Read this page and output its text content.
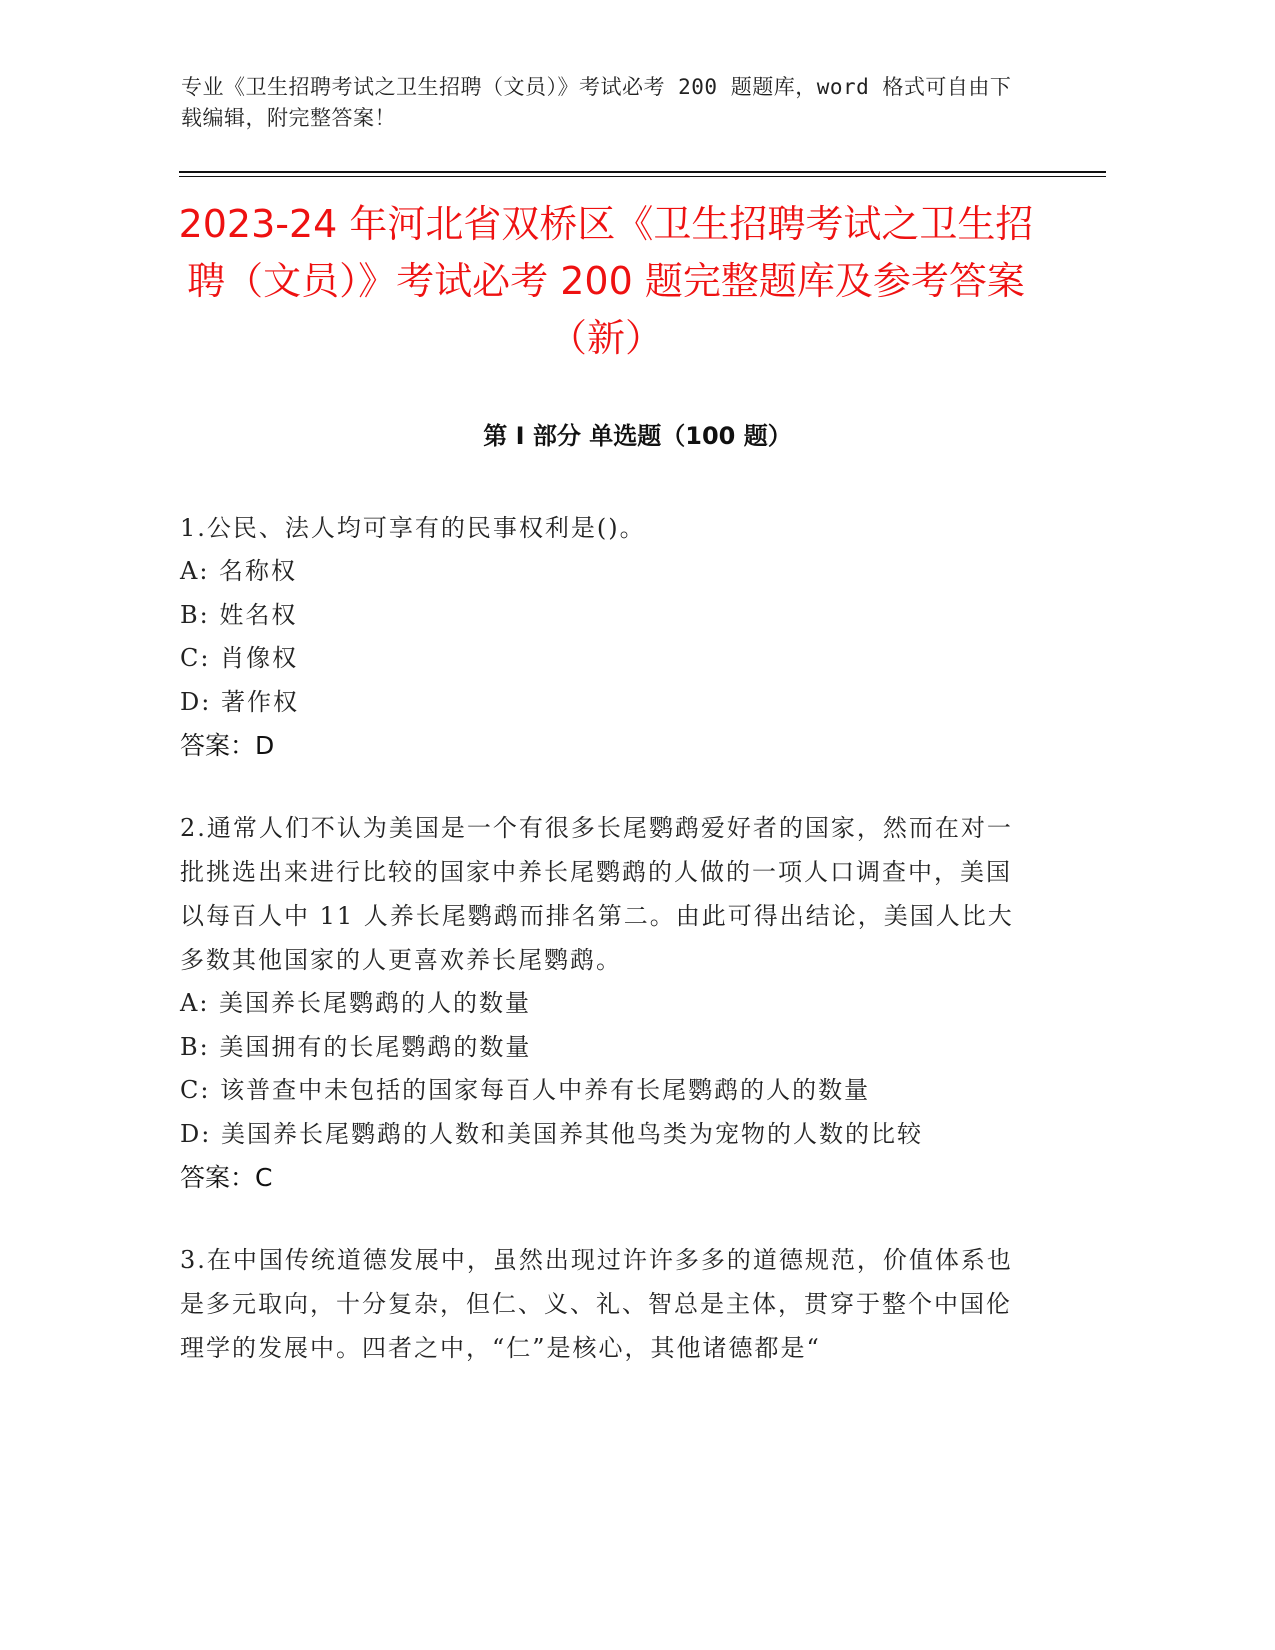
专业《卫生招聘考试之卫生招聘（文员）》考试必考 200 题题库，word 格式可自由下载编辑，附完整答案！
2023-24 年河北省双桥区《卫生招聘考试之卫生招聘（文员）》考试必考 200 题完整题库及参考答案（新）
第 I 部分 单选题（100 题）

1.公民、法人均可享有的民事权利是()。

A: 名称权

B: 姓名权

C: 肖像权

D: 著作权

答案：D

2.通常人们不认为美国是一个有很多长尾鹦鹉爱好者的国家，然而在对一批挑选出来进行比较的国家中养长尾鹦鹉的人做的一项人口调查中，美国以每百人中 11 人养长尾鹦鹉而排名第二。由此可得出结论，美国人比大多数其他国家的人更喜欢养长尾鹦鹉。

A: 美国养长尾鹦鹉的人的数量

B: 美国拥有的长尾鹦鹉的数量

C: 该普查中未包括的国家每百人中养有长尾鹦鹉的人的数量

D: 美国养长尾鹦鹉的人数和美国养其他鸟类为宠物的人数的比较

答案：C

3.在中国传统道德发展中，虽然出现过许许多多的道德规范，价值体系也是多元取向，十分复杂，但仁、义、礼、智总是主体，贯穿于整个中国伦理学的发展中。四者之中，“仁”是核心，其他诸德都是“
